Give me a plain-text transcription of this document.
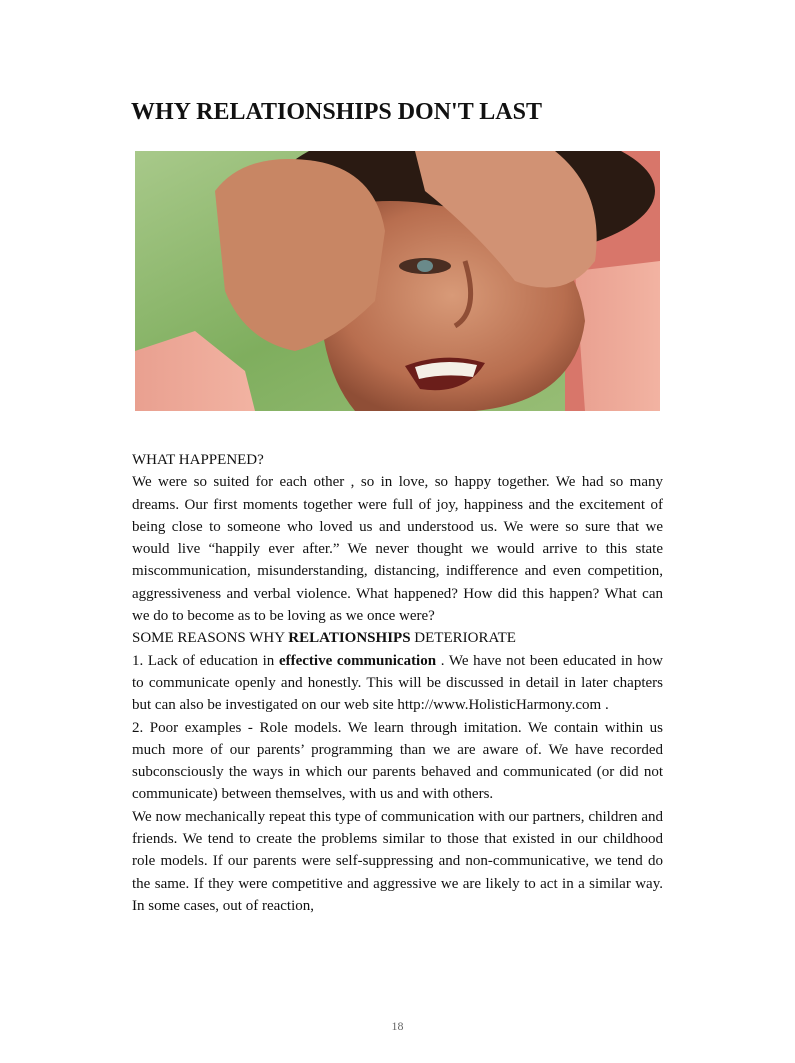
WHY RELATIONSHIPS DON'T LAST

WHAT HAPPENED?

We were so suited for each other , so in love, so happy together. We had so many dreams. Our first moments together were full of joy, happiness and the excitement of being close to someone who loved us and understood us. We were so sure that we would live “happily ever after.” We never thought we would arrive to this state miscommunication, misunderstanding, distancing, indifference and even competition, aggressiveness and verbal violence. What happened? How did this happen? What can we do to become as to be loving as we once were?

SOME REASONS WHY RELATIONSHIPS DETERIORATE

1. Lack of education in effective communication . We have not been educated in how to communicate openly and honestly. This will be discussed in detail in later chapters but can also be investigated on our web site http://www.HolisticHarmony.com .

2. Poor examples - Role models. We learn through imitation. We contain within us much more of our parents’ programming than we are aware of. We have recorded subconsciously the ways in which our parents behaved and communicated (or did not communicate) between themselves, with us and with others.

We now mechanically repeat this type of communication with our partners, children and friends. We tend to create the problems similar to those that existed in our childhood role models. If our parents were self-suppressing and non-communicative, we tend do the same. If they were competitive and aggressive we are likely to act in a similar way. In some cases, out of reaction,

18
